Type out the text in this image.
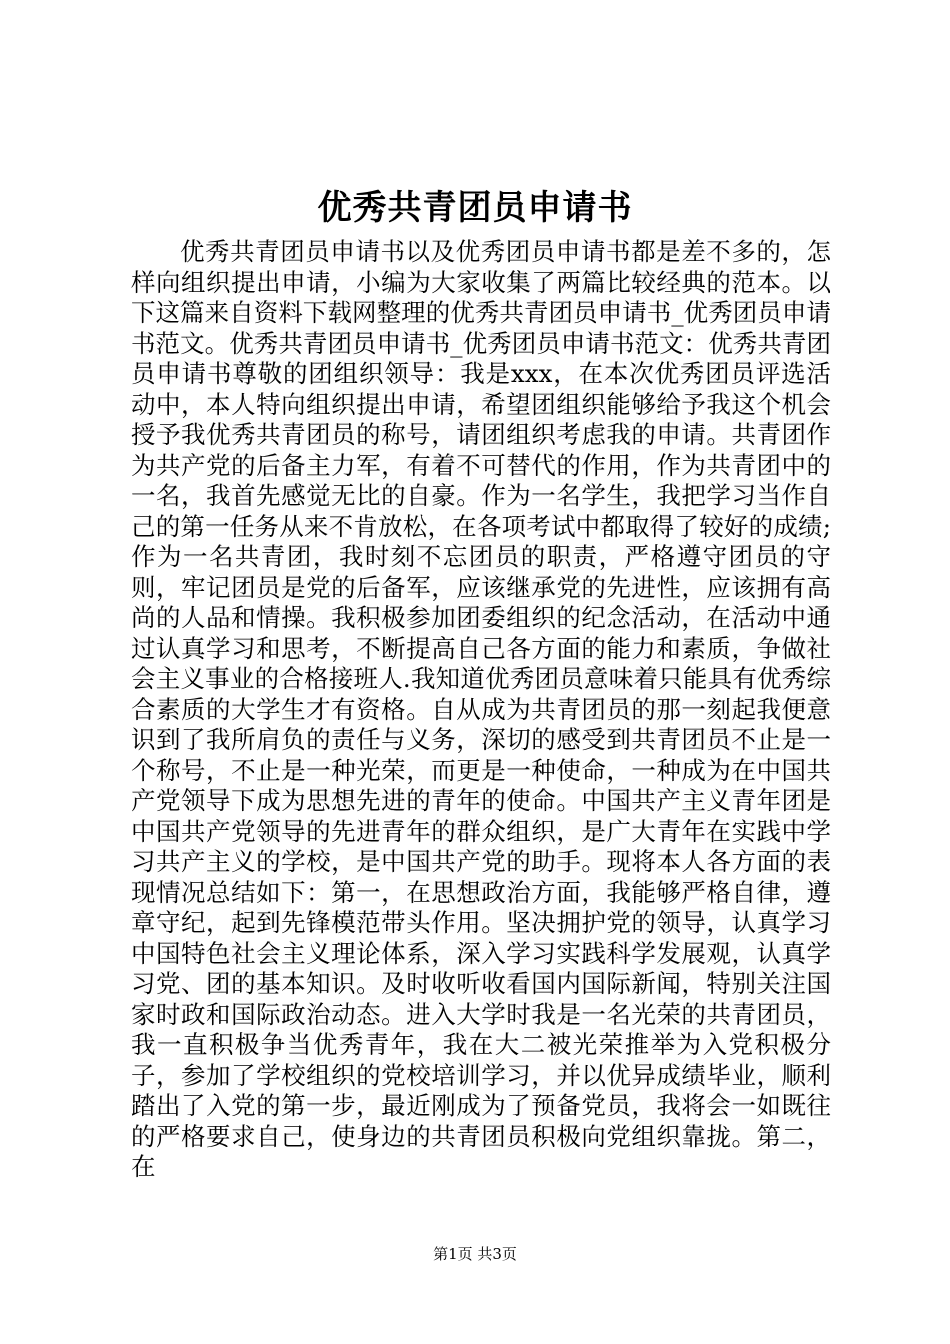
优秀共青团员申请书

优秀共青团员申请书以及优秀团员申请书都是差不多的，怎样向组织提出申请，小编为大家收集了两篇比较经典的范本。以下这篇来自资料下载网整理的优秀共青团员申请书_优秀团员申请书范文。优秀共青团员申请书_优秀团员申请书范文：优秀共青团员申请书尊敬的团组织领导：我是xxx，在本次优秀团员评选活动中，本人特向组织提出申请，希望团组织能够给予我这个机会授予我优秀共青团员的称号，请团组织考虑我的申请。共青团作为共产党的后备主力军，有着不可替代的作用，作为共青团中的一名，我首先感觉无比的自豪。作为一名学生，我把学习当作自己的第一任务从来不肯放松，在各项考试中都取得了较好的成绩;作为一名共青团，我时刻不忘团员的职责，严格遵守团员的守则，牢记团员是党的后备军，应该继承党的先进性，应该拥有高尚的人品和情操。我积极参加团委组织的纪念活动，在活动中通过认真学习和思考，不断提高自己各方面的能力和素质，争做社会主义事业的合格接班人.我知道优秀团员意味着只能具有优秀综合素质的大学生才有资格。自从成为共青团员的那一刻起我便意识到了我所肩负的责任与义务，深切的感受到共青团员不止是一个称号，不止是一种光荣，而更是一种使命，一种成为在中国共产党领导下成为思想先进的青年的使命。中国共产主义青年团是中国共产党领导的先进青年的群众组织，是广大青年在实践中学习共产主义的学校，是中国共产党的助手。现将本人各方面的表现情况总结如下：第一，在思想政治方面，我能够严格自律，遵章守纪，起到先锋模范带头作用。坚决拥护党的领导，认真学习中国特色社会主义理论体系，深入学习实践科学发展观，认真学习党、团的基本知识。及时收听收看国内国际新闻，特别关注国家时政和国际政治动态。进入大学时我是一名光荣的共青团员，我一直积极争当优秀青年，我在大二被光荣推举为入党积极分子，参加了学校组织的党校培训学习，并以优异成绩毕业，顺利踏出了入党的第一步，最近刚成为了预备党员，我将会一如既往的严格要求自己，使身边的共青团员积极向党组织靠拢。第二，在

第1页 共3页
